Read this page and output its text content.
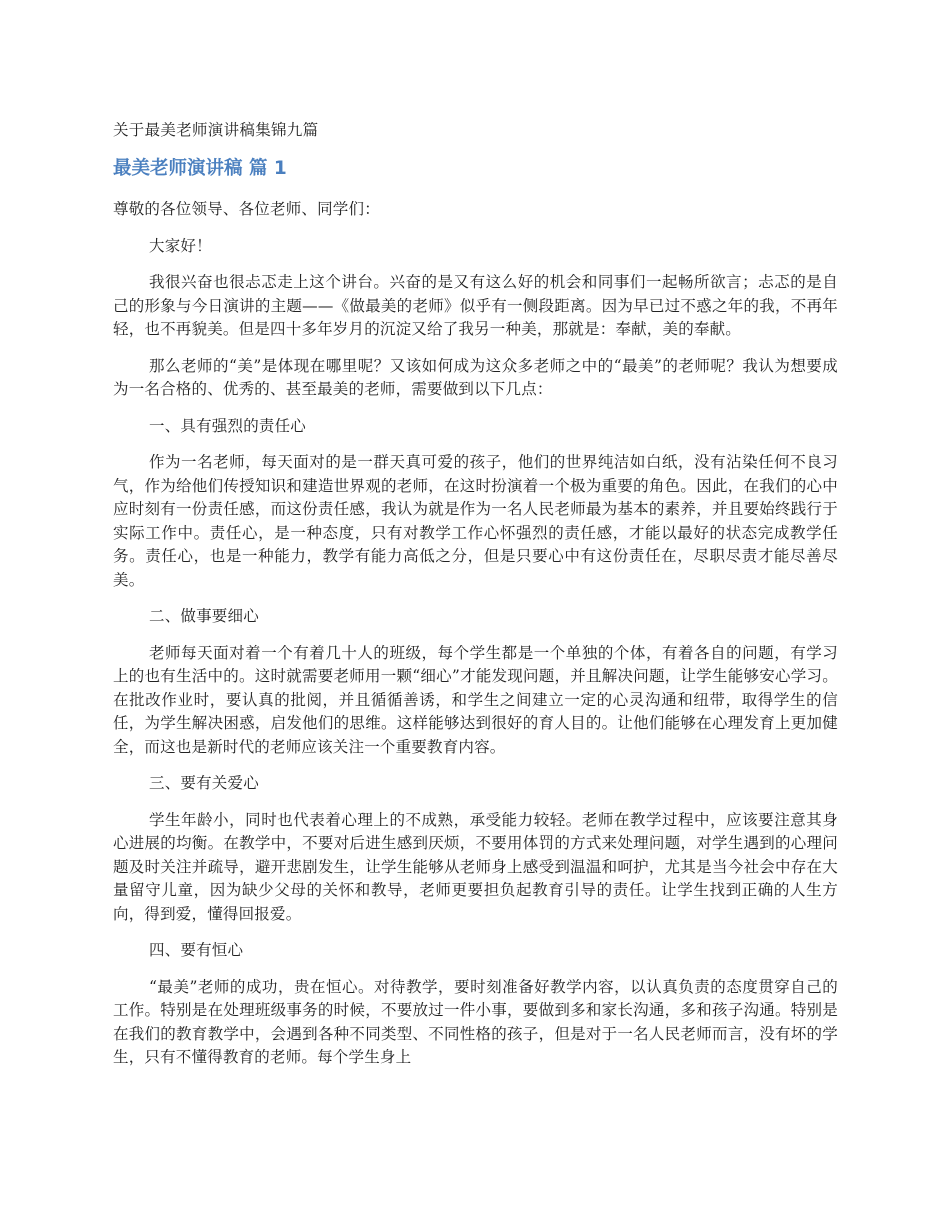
关于最美老师演讲稿集锦九篇
最美老师演讲稿 篇 1

尊敬的各位领导、各位老师、同学们：

大家好！

我很兴奋也很忐忑走上这个讲台。兴奋的是又有这么好的机会和同事们一起畅所欲言；忐忑的是自己的形象与今日演讲的主题——《做最美的老师》似乎有一侧段距离。因为早已过不惑之年的我，不再年轻，也不再貌美。但是四十多年岁月的沉淀又给了我另一种美，那就是：奉献，美的奉献。

那么老师的“美”是体现在哪里呢？又该如何成为这众多老师之中的“最美”的老师呢？我认为想要成为一名合格的、优秀的、甚至最美的老师，需要做到以下几点：

一、具有强烈的责任心

作为一名老师，每天面对的是一群天真可爱的孩子，他们的世界纯洁如白纸，没有沾染任何不良习气，作为给他们传授知识和建造世界观的老师，在这时扮演着一个极为重要的角色。因此，在我们的心中应时刻有一份责任感，而这份责任感，我认为就是作为一名人民老师最为基本的素养，并且要始终践行于实际工作中。责任心，是一种态度，只有对教学工作心怀强烈的责任感，才能以最好的状态完成教学任务。责任心，也是一种能力，教学有能力高低之分，但是只要心中有这份责任在，尽职尽责才能尽善尽美。

二、做事要细心

老师每天面对着一个有着几十人的班级，每个学生都是一个单独的个体，有着各自的问题，有学习上的也有生活中的。这时就需要老师用一颗“细心”才能发现问题，并且解决问题，让学生能够安心学习。在批改作业时，要认真的批阅，并且循循善诱，和学生之间建立一定的心灵沟通和纽带，取得学生的信任，为学生解决困惑，启发他们的思维。这样能够达到很好的育人目的。让他们能够在心理发育上更加健全，而这也是新时代的老师应该关注一个重要教育内容。

三、要有关爱心

学生年龄小，同时也代表着心理上的不成熟，承受能力较轻。老师在教学过程中，应该要注意其身心进展的均衡。在教学中，不要对后进生感到厌烦，不要用体罚的方式来处理问题，对学生遇到的心理问题及时关注并疏导，避开悲剧发生，让学生能够从老师身上感受到温温和呵护，尤其是当今社会中存在大量留守儿童，因为缺少父母的关怀和教导，老师更要担负起教育引导的责任。让学生找到正确的人生方向，得到爱，懂得回报爱。

四、要有恒心

“最美”老师的成功，贵在恒心。对待教学，要时刻准备好教学内容，以认真负责的态度贯穿自己的工作。特别是在处理班级事务的时候，不要放过一件小事，要做到多和家长沟通，多和孩子沟通。特别是在我们的教育教学中，会遇到各种不同类型、不同性格的孩子，但是对于一名人民老师而言，没有坏的学生，只有不懂得教育的老师。每个学生身上
